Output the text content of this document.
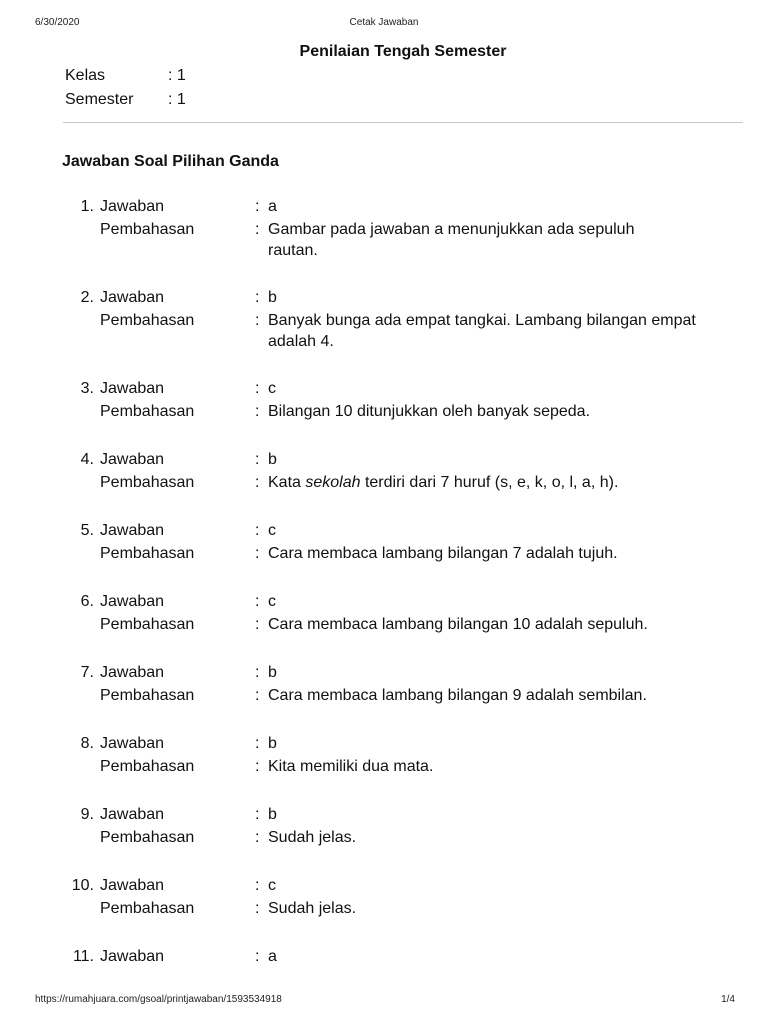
6/30/2020	Cetak Jawaban
Penilaian Tengah Semester
Kelas	: 1
Semester : 1
Jawaban Soal Pilihan Ganda
1. Jawaban	: a
Pembahasan	: Gambar pada jawaban a menunjukkan ada sepuluh rautan.
2. Jawaban	: b
Pembahasan	: Banyak bunga ada empat tangkai. Lambang bilangan empat adalah 4.
3. Jawaban	: c
Pembahasan	: Bilangan 10 ditunjukkan oleh banyak sepeda.
4. Jawaban	: b
Pembahasan	: Kata sekolah terdiri dari 7 huruf (s, e, k, o, l, a, h).
5. Jawaban	: c
Pembahasan	: Cara membaca lambang bilangan 7 adalah tujuh.
6. Jawaban	: c
Pembahasan	: Cara membaca lambang bilangan 10 adalah sepuluh.
7. Jawaban	: b
Pembahasan	: Cara membaca lambang bilangan 9 adalah sembilan.
8. Jawaban	: b
Pembahasan	: Kita memiliki dua mata.
9. Jawaban	: b
Pembahasan	: Sudah jelas.
10. Jawaban	: c
Pembahasan	: Sudah jelas.
11. Jawaban	: a
https://rumahjuara.com/gsoal/printjawaban/1593534918	1/4
